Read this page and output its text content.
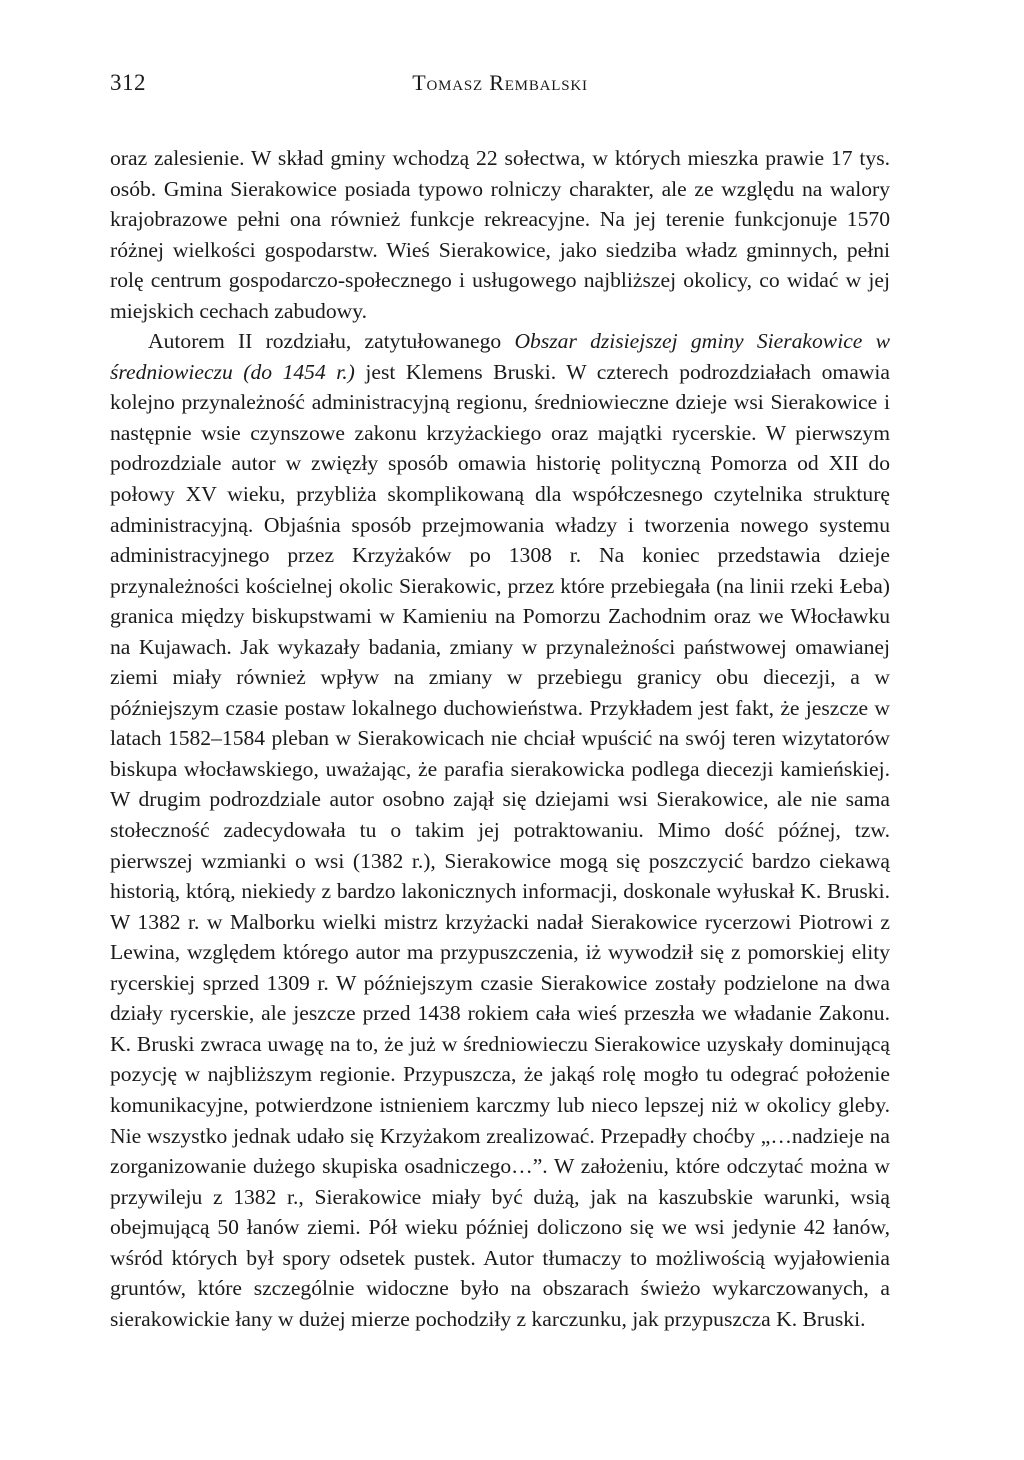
312	Tomasz Rembalski

oraz zalesienie. W skład gminy wchodzą 22 sołectwa, w których mieszka prawie 17 tys. osób. Gmina Sierakowice posiada typowo rolniczy charakter, ale ze względu na walory krajobrazowe pełni ona również funkcje rekreacyjne. Na jej terenie funkcjonuje 1570 różnej wielkości gospodarstw. Wieś Sierakowice, jako siedziba władz gminnych, pełni rolę centrum gospodarczo-społecznego i usługowego najbliższej okolicy, co widać w jej miejskich cechach zabudowy.

Autorem II rozdziału, zatytułowanego Obszar dzisiejszej gminy Sierakowice w średniowieczu (do 1454 r.) jest Klemens Bruski. W czterech podrozdziałach omawia kolejno przynależność administracyjną regionu, średniowieczne dzieje wsi Sierakowice i następnie wsie czynszowe zakonu krzyżackiego oraz majątki rycerskie. W pierwszym podrozdziale autor w zwięzły sposób omawia historię polityczną Pomorza od XII do połowy XV wieku, przybliża skomplikowaną dla współczesnego czytelnika strukturę administracyjną. Objaśnia sposób przejmowania władzy i tworzenia nowego systemu administracyjnego przez Krzyżaków po 1308 r. Na koniec przedstawia dzieje przynależności kościelnej okolic Sierakowic, przez które przebiegała (na linii rzeki Łeba) granica między biskupstwami w Kamieniu na Pomorzu Zachodnim oraz we Włocławku na Kujawach. Jak wykazały badania, zmiany w przynależności państwowej omawianej ziemi miały również wpływ na zmiany w przebiegu granicy obu diecezji, a w późniejszym czasie postaw lokalnego duchowieństwa. Przykładem jest fakt, że jeszcze w latach 1582–1584 pleban w Sierakowicach nie chciał wpuścić na swój teren wizytatorów biskupa włocławskiego, uważając, że parafia sierakowicka podlega diecezji kamieńskiej. W drugim podrozdziale autor osobno zajął się dziejami wsi Sierakowice, ale nie sama stołeczność zadecydowała tu o takim jej potraktowaniu. Mimo dość późnej, tzw. pierwszej wzmianki o wsi (1382 r.), Sierakowice mogą się poszczycić bardzo ciekawą historią, którą, niekiedy z bardzo lakonicznych informacji, doskonale wyłuskał K. Bruski. W 1382 r. w Malborku wielki mistrz krzyżacki nadał Sierakowice rycerzowi Piotrowi z Lewina, względem którego autor ma przypuszczenia, iż wywodził się z pomorskiej elity rycerskiej sprzed 1309 r. W późniejszym czasie Sierakowice zostały podzielone na dwa działy rycerskie, ale jeszcze przed 1438 rokiem cała wieś przeszła we władanie Zakonu. K. Bruski zwraca uwagę na to, że już w średniowieczu Sierakowice uzyskały dominującą pozycję w najbliższym regionie. Przypuszcza, że jakąś rolę mogło tu odegrać położenie komunikacyjne, potwierdzone istnieniem karczmy lub nieco lepszej niż w okolicy gleby. Nie wszystko jednak udało się Krzyżakom zrealizować. Przepadły choćby „…nadzieje na zorganizowanie dużego skupiska osadniczego…”. W założeniu, które odczytać można w przywileju z 1382 r., Sierakowice miały być dużą, jak na kaszubskie warunki, wsią obejmującą 50 łanów ziemi. Pół wieku później doliczono się we wsi jedynie 42 łanów, wśród których był spory odsetek pustek. Autor tłumaczy to możliwością wyjałowienia gruntów, które szczególnie widoczne było na obszarach świeżo wykarczowanych, a sierakowickie łany w dużej mierze pochodziły z karczunku, jak przypuszcza K. Bruski.
